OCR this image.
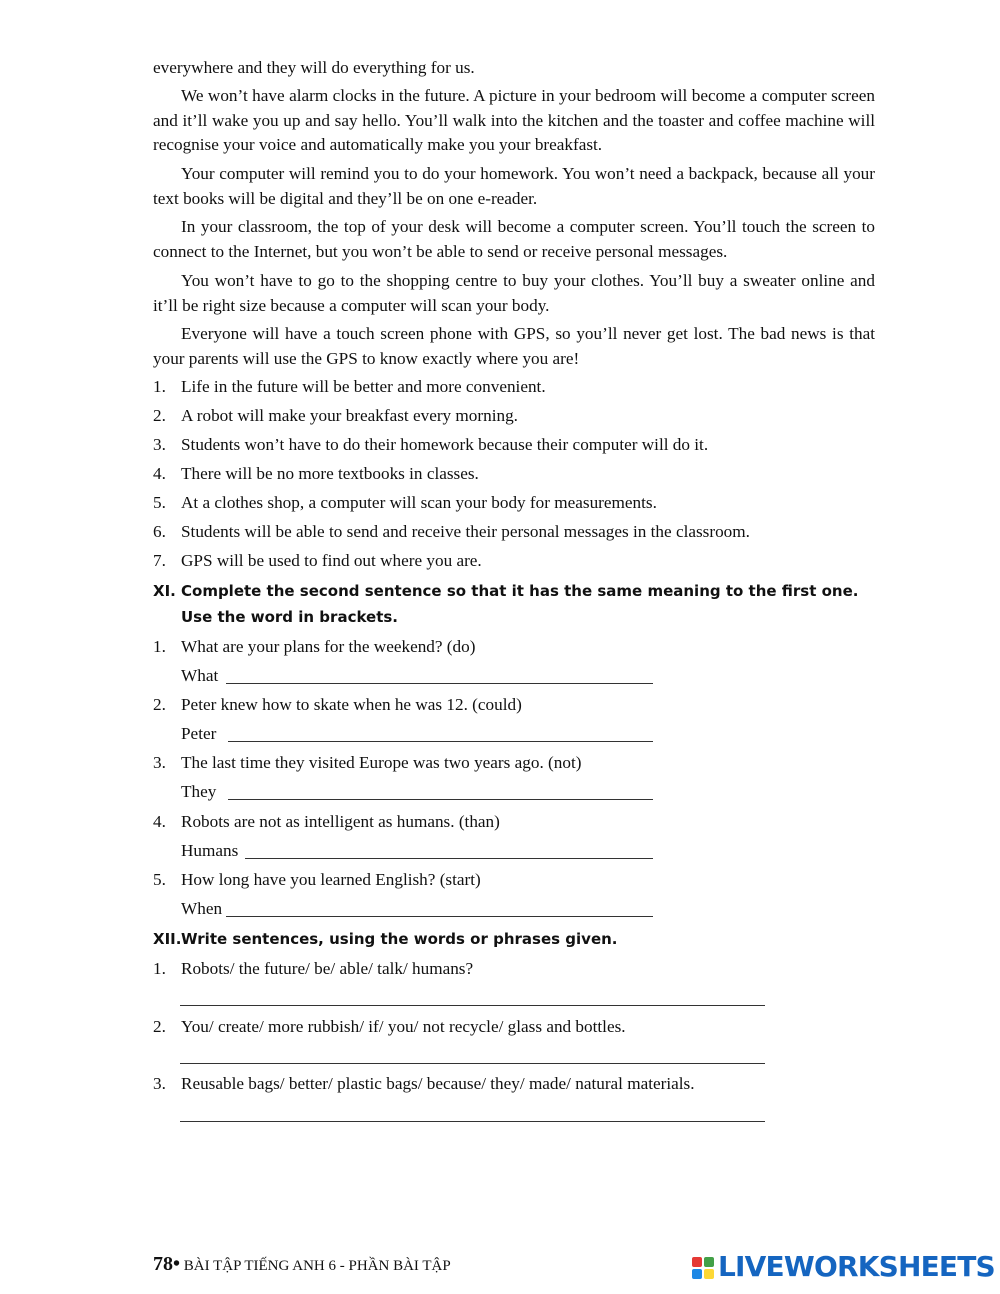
everywhere and they will do everything for us.

We won’t have alarm clocks in the future. A picture in your bedroom will become a computer screen and it’ll wake you up and say hello. You’ll walk into the kitchen and the toaster and coffee machine will recognise your voice and automatically make you your breakfast.

Your computer will remind you to do your homework. You won’t need a backpack, because all your text books will be digital and they’ll be on one e-reader.

In your classroom, the top of your desk will become a computer screen. You’ll touch the screen to connect to the Internet, but you won’t be able to send or receive personal messages.

You won’t have to go to the shopping centre to buy your clothes. You’ll buy a sweater online and it’ll be right size because a computer will scan your body.

Everyone will have a touch screen phone with GPS, so you’ll never get lost. The bad news is that your parents will use the GPS to know exactly where you are!

1. Life in the future will be better and more convenient.
2. A robot will make your breakfast every morning.
3. Students won’t have to do their homework because their computer will do it.
4. There will be no more textbooks in classes.
5. At a clothes shop, a computer will scan your body for measurements.
6. Students will be able to send and receive their personal messages in the classroom.
7. GPS will be used to find out where you are.
XI. Complete the second sentence so that it has the same meaning to the first one. Use the word in brackets.
1. What are your plans for the weekend? (do)
What
2. Peter knew how to skate when he was 12. (could)
Peter
3. The last time they visited Europe was two years ago. (not)
They
4. Robots are not as intelligent as humans. (than)
Humans
5. How long have you learned English? (start)
When
XII. Write sentences, using the words or phrases given.
1. Robots/ the future/ be/ able/ talk/ humans?
2. You/ create/ more rubbish/ if/ you/ not recycle/ glass and bottles.
3. Reusable bags/ better/ plastic bags/ because/ they/ made/ natural materials.
78• BÀI TẬP TIẾNG ANH 6 - PHẦN BÀI TẬP	LIVEWORKSHEETS
